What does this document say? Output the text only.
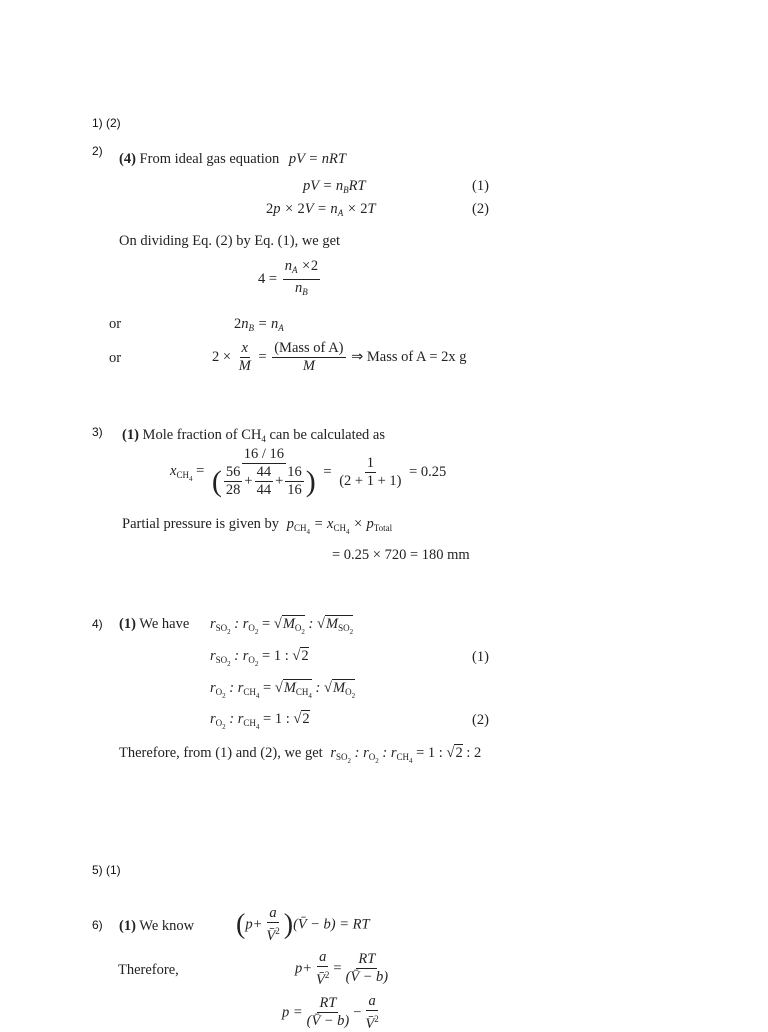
1) (2)
2) (4) From ideal gas equation pV = nRT
pV = $n_BRT$	(1)
$2p \times 2V = n_A \times 2T$	(2)
On dividing Eq. (2) by Eq. (1), we get
$4 = \frac{n_A \times 2}{n_B}$
or	$2n_B = n_A$
or	$2 \times \frac{x}{M} = \frac{\text{(Mass of A)}}{M}$ ⇒ Mass of A = 2x g
3) (1) Mole fraction of $CH_4$ can be calculated as
$x_{CH_4} = \frac{16 / 16}{( \frac{56}{28} + \frac{44}{44} + \frac{16}{16} )} = \frac{1}{(2 + 1 + 1)} = 0.25$
Partial pressure is given by $p_{CH_4} = x_{CH_4} \times p_{Total}$
= 0.25 × 720 = 180 mm
4) (1) We have $r_{SO_2}$ : $r_{O_2} = √M_{O_2}$ : $√M_{SO_2}$
$r_{SO_2}$ : $r_{O_2} = 1$ : √2	(1)
$r_{O_2}$ : $r_{CH_4} = √M_{CH_4}$ : $√M_{O_2}$
$r_{O_2}$ : $r_{CH_4} = 1$ : √2	(2)
Therefore, from (1) and (2), we get $r_{SO_2}$ : $r_{O_2}$ : $r_{CH_4} = 1$ : √2 : 2
5) (1)
6) (1) We know ($p+ \frac{a}{V̄^2}$ )(V̄ − b) = RT
Therefore,	$p+ \frac{a}{V̄^2} = \frac{RT}{(V̄ - b)}$
$p = \frac{RT}{(V̄ - b)} - \frac{a}{V̄^2}$
